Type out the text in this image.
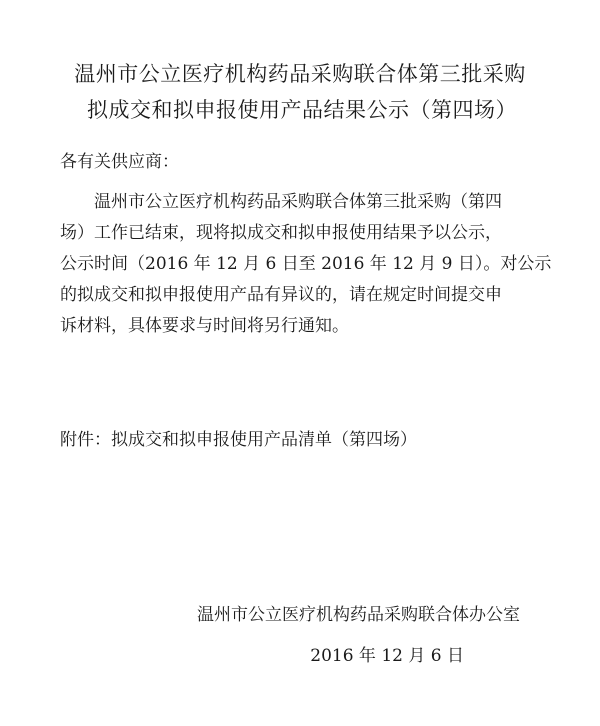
温州市公立医疗机构药品采购联合体第三批采购
拟成交和拟申报使用产品结果公示（第四场）
各有关供应商：
温州市公立医疗机构药品采购联合体第三批采购（第四
场）工作已结束，现将拟成交和拟申报使用结果予以公示，
公示时间（2016 年 12 月 6 日至 2016 年 12 月 9 日）。对公示
的拟成交和拟申报使用产品有异议的，请在规定时间提交申
诉材料，具体要求与时间将另行通知。
附件：拟成交和拟申报使用产品清单（第四场）
温州市公立医疗机构药品采购联合体办公室
2016 年 12 月 6 日
